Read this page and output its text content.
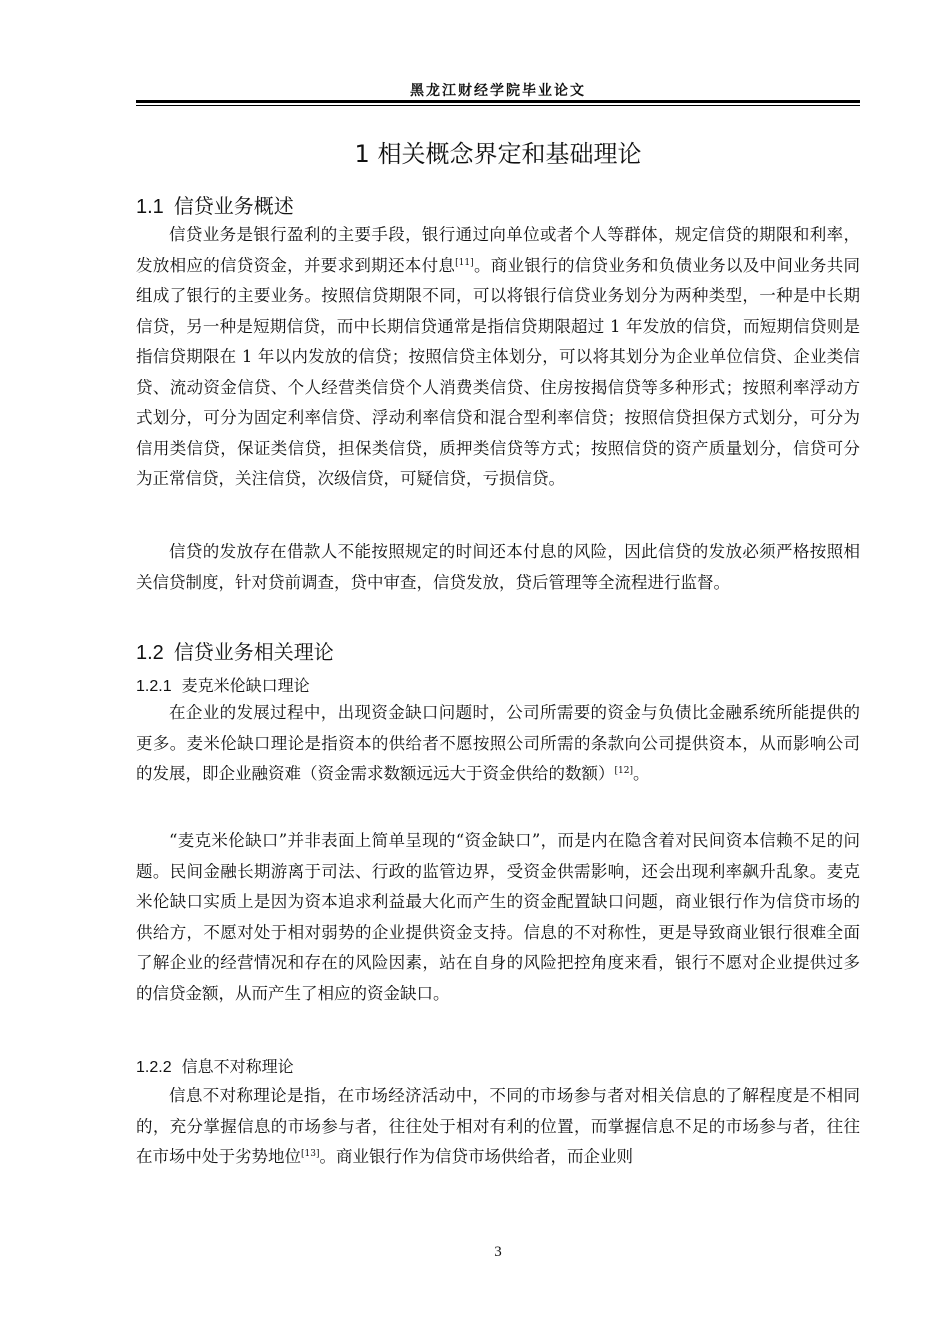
黑龙江财经学院毕业论文
1 相关概念界定和基础理论
1.1 信贷业务概述

信贷业务是银行盈利的主要手段，银行通过向单位或者个人等群体，规定信贷的期限和利率，发放相应的信贷资金，并要求到期还本付息[11]。商业银行的信贷业务和负债业务以及中间业务共同组成了银行的主要业务。按照信贷期限不同，可以将银行信贷业务划分为两种类型，一种是中长期信贷，另一种是短期信贷，而中长期信贷通常是指信贷期限超过 1 年发放的信贷，而短期信贷则是指信贷期限在 1 年以内发放的信贷；按照信贷主体划分，可以将其划分为企业单位信贷、企业类信贷、流动资金信贷、个人经营类信贷个人消费类信贷、住房按揭信贷等多种形式；按照利率浮动方式划分，可分为固定利率信贷、浮动利率信贷和混合型利率信贷；按照信贷担保方式划分，可分为信用类信贷，保证类信贷，担保类信贷，质押类信贷等方式；按照信贷的资产质量划分，信贷可分为正常信贷，关注信贷，次级信贷，可疑信贷，亏损信贷。

信贷的发放存在借款人不能按照规定的时间还本付息的风险，因此信贷的发放必须严格按照相关信贷制度，针对贷前调查，贷中审查，信贷发放，贷后管理等全流程进行监督。

1.2 信贷业务相关理论
1.2.1 麦克米伦缺口理论

在企业的发展过程中，出现资金缺口问题时，公司所需要的资金与负债比金融系统所能提供的更多。麦米伦缺口理论是指资本的供给者不愿按照公司所需的条款向公司提供资本，从而影响公司的发展，即企业融资难（资金需求数额远远大于资金供给的数额）[12]。

“麦克米伦缺口”并非表面上简单呈现的“资金缺口”，而是内在隐含着对民间资本信赖不足的问题。民间金融长期游离于司法、行政的监管边界，受资金供需影响，还会出现利率飙升乱象。麦克米伦缺口实质上是因为资本追求利益最大化而产生的资金配置缺口问题，商业银行作为信贷市场的供给方，不愿对处于相对弱势的企业提供资金支持。信息的不对称性，更是导致商业银行很难全面了解企业的经营情况和存在的风险因素，站在自身的风险把控角度来看，银行不愿对企业提供过多的信贷金额，从而产生了相应的资金缺口。

1.2.2 信息不对称理论

信息不对称理论是指，在市场经济活动中，不同的市场参与者对相关信息的了解程度是不相同的，充分掌握信息的市场参与者，往往处于相对有利的位置，而掌握信息不足的市场参与者，往往在市场中处于劣势地位[13]。商业银行作为信贷市场供给者，而企业则

3
